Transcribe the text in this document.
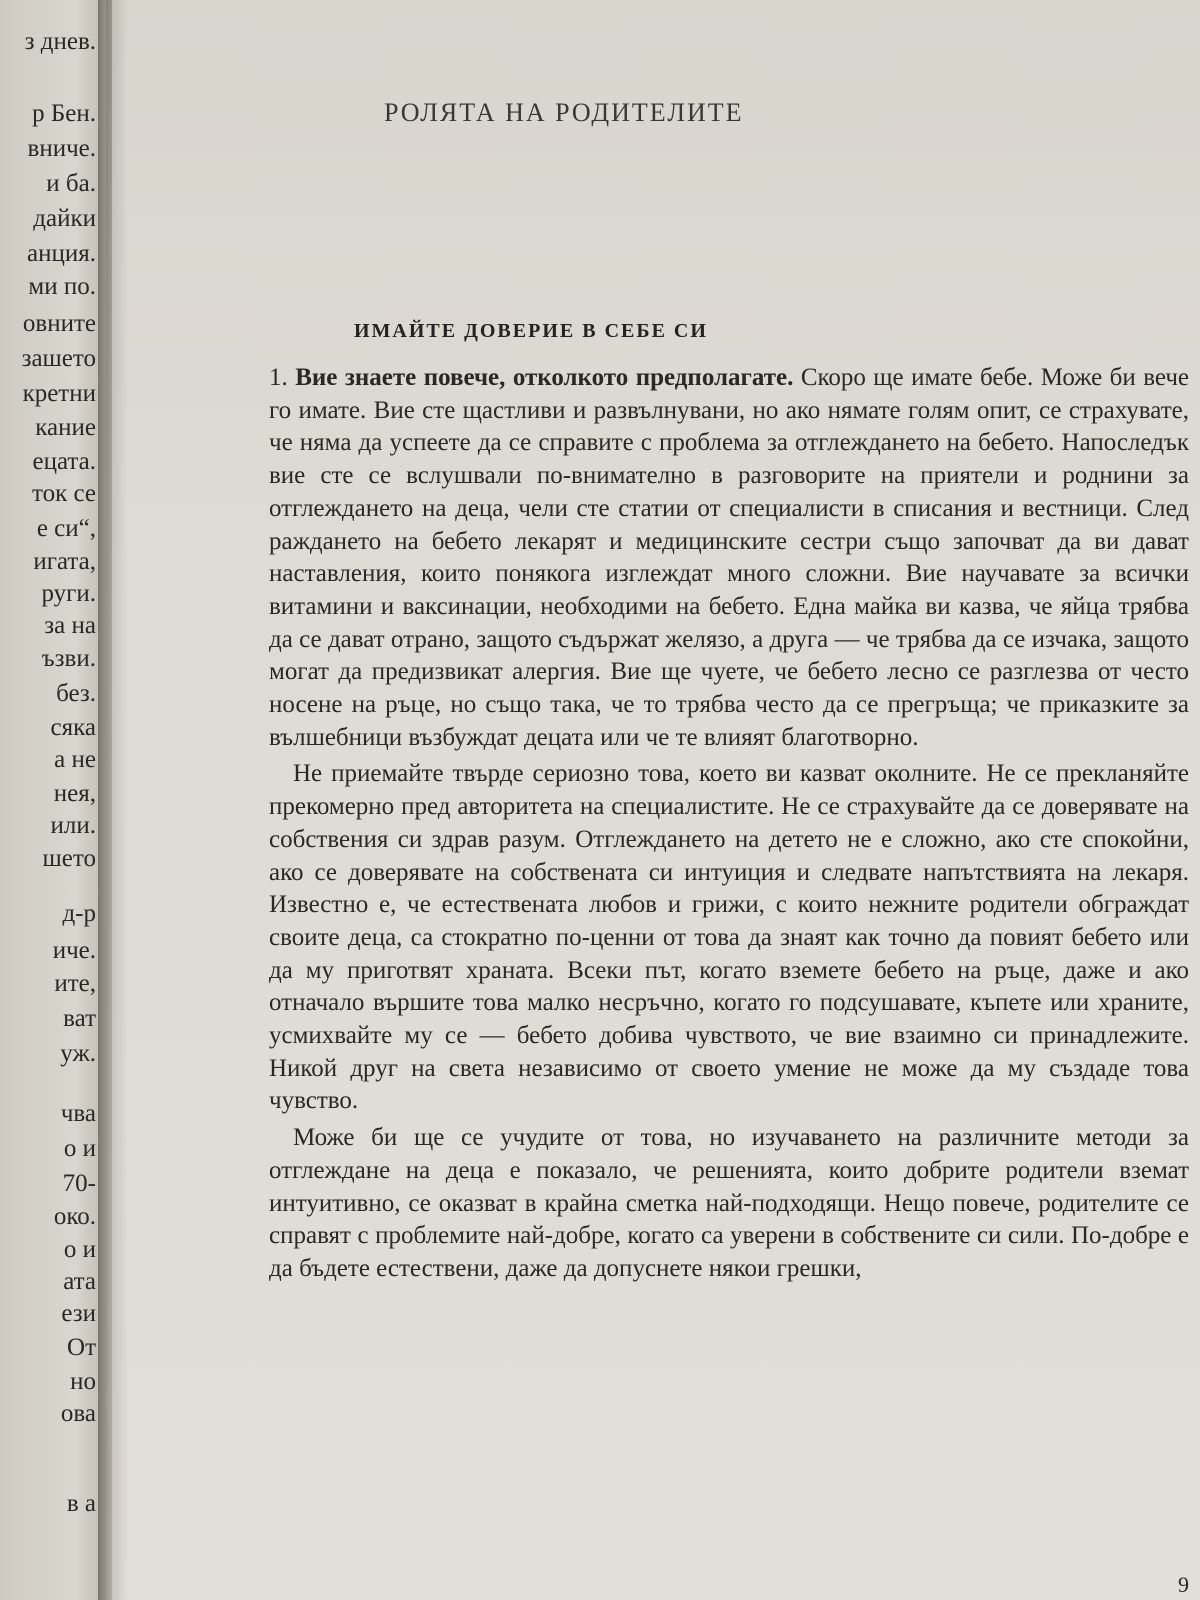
з днев.
р Бен.
вниче.
и ба.
дайки
анция.
ми по.
овните
зашето
кретни
кание
ецата.
ток се
е си“,
игата,
руги.
за на
ъзви.
без.
сяка
а не
нея,
или.
шето
д-р
иче.
ите,
ват
уж.
чва
о и
70-
око.
о и
ата
ези
От
но
ова
в а
РОЛЯТА НА РОДИТЕЛИТЕ
ИМАЙТЕ ДОВЕРИЕ В СЕБЕ СИ

1. Вие знаете повече, отколкото предполагате. Скоро ще имате бебе. Може би вече го имате. Вие сте щастливи и развълнувани, но ако нямате голям опит, се страхувате, че няма да успеете да се справите с проблема за отглеждането на бебето. Напоследък вие сте се вслушвали по-внимателно в разговорите на приятели и роднини за отглеждането на деца, чели сте статии от специалисти в списания и вестници. След раждането на бебето лекарят и медицинските сестри също започват да ви дават наставления, които понякога изглеждат много сложни. Вие научавате за всички витамини и ваксинации, необходими на бебето. Една майка ви казва, че яйца трябва да се дават отрано, защото съдържат желязо, а друга — че трябва да се изчака, защото могат да предизвикат алергия. Вие ще чуете, че бебето лесно се разглезва от често носене на ръце, но също така, че то трябва често да се прегръща; че приказките за вълшебници възбуждат децата или че те влияят благотворно.

Не приемайте твърде сериозно това, което ви казват околните. Не се прекланяйте прекомерно пред авторитета на специалистите. Не се страхувайте да се доверявате на собствения си здрав разум. Отглеждането на детето не е сложно, ако сте спокойни, ако се доверявате на собствената си интуиция и следвате напътствията на лекаря. Известно е, че естествената любов и грижи, с които нежните родители обграждат своите деца, са стократно по-ценни от това да знаят как точно да повият бебето или да му приготвят храната. Всеки път, когато вземете бебето на ръце, даже и ако отначало вършите това малко несръчно, когато го подсушавате, къпете или храните, усмихвайте му се — бебето добива чувството, че вие взаимно си принадлежите. Никой друг на света независимо от своето умение не може да му създаде това чувство.

Може би ще се учудите от това, но изучаването на различните методи за отглеждане на деца е показало, че решенията, които добрите родители вземат интуитивно, се оказват в крайна сметка най-подходящи. Нещо повече, родителите се справят с проблемите най-добре, когато са уверени в собствените си сили. По-добре е да бъдете естествени, даже да допуснете някои грешки,

9
